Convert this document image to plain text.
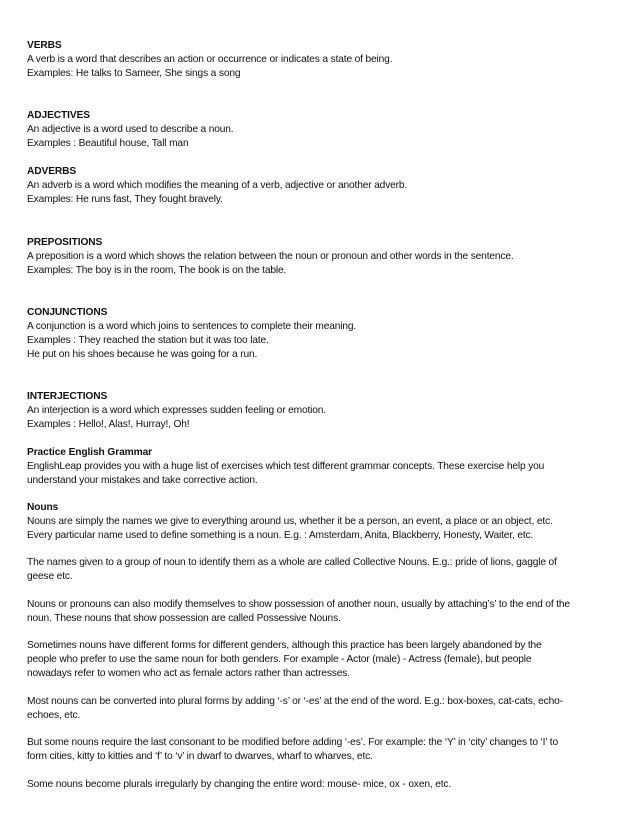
VERBS
A verb is a word that describes an action or occurrence or indicates a state of being.
Examples: He talks to Sameer, She sings a song
ADJECTIVES
An adjective is a word used to describe a noun.
Examples : Beautiful house, Tall man
ADVERBS
An adverb is a word which modifies the meaning of a verb, adjective or another adverb.
Examples: He runs fast, They fought bravely.
PREPOSITIONS
A preposition is a word which shows the relation between the noun or pronoun and other words in the sentence.
Examples: The boy is in the room, The book is on the table.
CONJUNCTIONS
A conjunction is a word which joins to sentences to complete their meaning.
Examples : They reached the station but it was too late.
He put on his shoes because he was going for a run.
INTERJECTIONS
An interjection is a word which expresses sudden feeling or emotion.
Examples : Hello!, Alas!, Hurray!, Oh!
Practice English Grammar
EnglishLeap provides you with a huge list of exercises which test different grammar concepts. These exercise help you
understand your mistakes and take corrective action.
Nouns
Nouns are simply the names we give to everything around us, whether it be a person, an event, a place or an object, etc.
Every particular name used to define something is a noun. E.g. : Amsterdam, Anita, Blackberry, Honesty, Waiter, etc.
The names given to a group of noun to identify them as a whole are called Collective Nouns. E.g.: pride of lions, gaggle of
geese etc.
Nouns or pronouns can also modify themselves to show possession of another noun, usually by attaching’s’ to the end of the
noun. These nouns that show possession are called Possessive Nouns.
Sometimes nouns have different forms for different genders, although this practice has been largely abandoned by the
people who prefer to use the same noun for both genders. For example - Actor (male) - Actress (female), but people
nowadays refer to women who act as female actors rather than actresses.
Most nouns can be converted into plural forms by adding ‘-s’ or ‘-es’ at the end of the word. E.g.: box-boxes, cat-cats, echo-
echoes, etc.
But some nouns require the last consonant to be modified before adding ‘-es’. For example: the ‘Y’ in ‘city’ changes to ‘I’ to
form cities, kitty to kitties and ‘f’ to ‘v’ in dwarf to dwarves, wharf to wharves, etc.
Some nouns become plurals irregularly by changing the entire word: mouse- mice, ox - oxen, etc.
